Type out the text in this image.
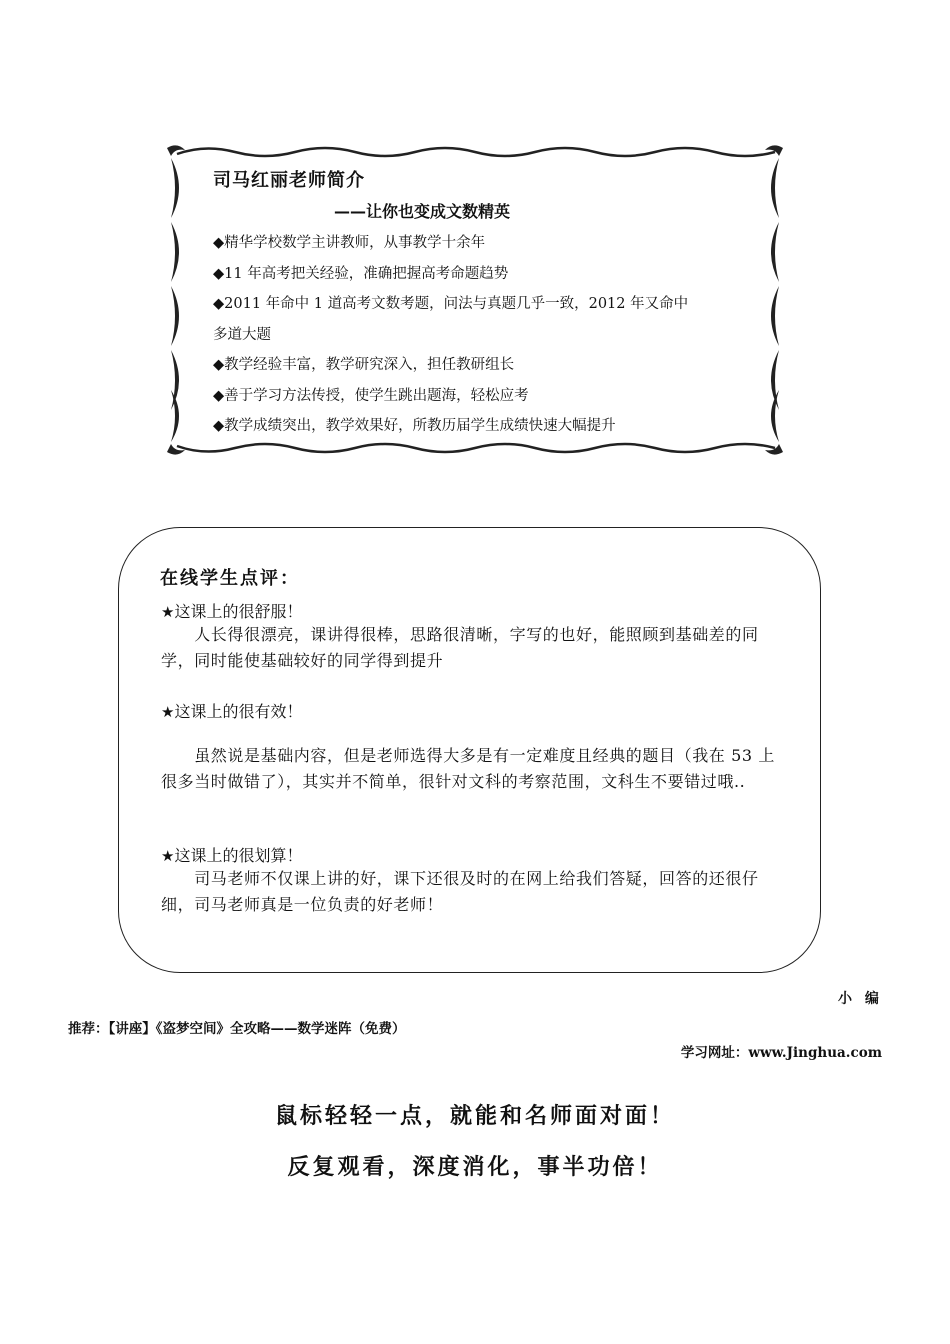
司马红丽老师简介
——让你也变成文数精英
◆精华学校数学主讲教师，从事教学十余年
◆11 年高考把关经验，准确把握高考命题趋势
◆2011 年命中 1 道高考文数考题，问法与真题几乎一致，2012 年又命中
多道大题
◆教学经验丰富，教学研究深入，担任教研组长
◆善于学习方法传授，使学生跳出题海，轻松应考
◆教学成绩突出，教学效果好，所教历届学生成绩快速大幅提升
在线学生点评：
★这课上的很舒服！
　　人长得很漂亮，课讲得很棒，思路很清晰，字写的也好，能照顾到基础差的同学，同时能使基础较好的同学得到提升
★这课上的很有效！
　　虽然说是基础内容，但是老师选得大多是有一定难度且经典的题目（我在 53 上很多当时做错了），其实并不简单，很针对文科的考察范围，文科生不要错过哦..
★这课上的很划算！
　　司马老师不仅课上讲的好，课下还很及时的在网上给我们答疑，回答的还很仔细，司马老师真是一位负责的好老师！
小 编
推荐：【讲座】《盗梦空间》全攻略——数学迷阵（免费）
学习网址：www.Jinghua.com
鼠标轻轻一点，就能和名师面对面！
反复观看，深度消化，事半功倍！
